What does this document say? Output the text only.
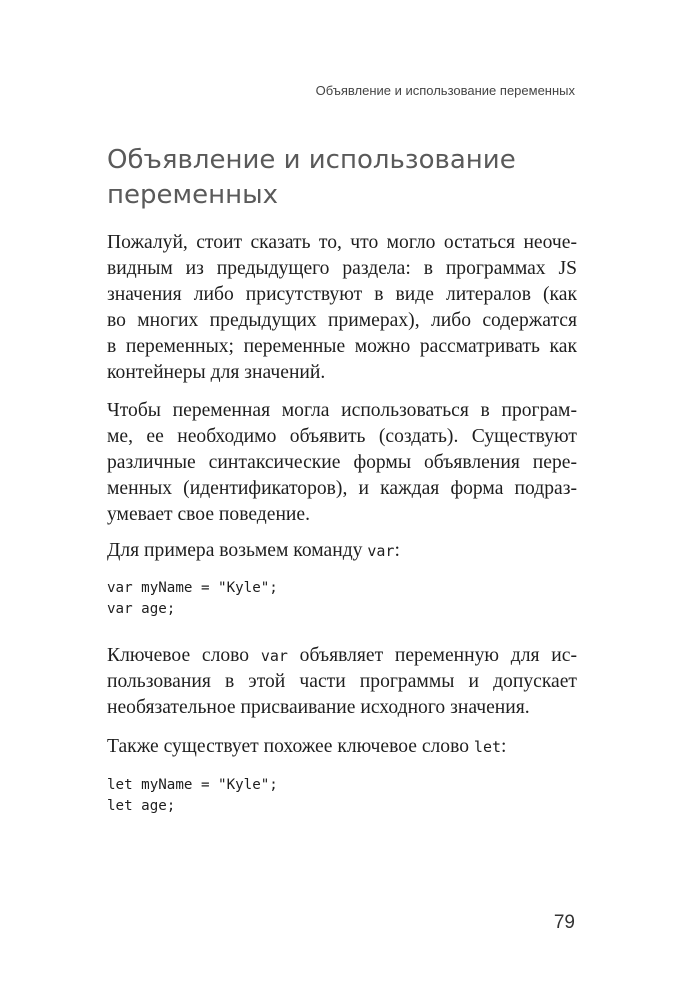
Объявление и использование переменных
Объявление и использование
переменных

Пожалуй, стоит сказать то, что могло остаться неоче-
видным из предыдущего раздела: в программах JS
значения либо присутствуют в виде литералов (как
во многих предыдущих примерах), либо содержатся
в переменных; переменные можно рассматривать как
контейнеры для значений.

Чтобы переменная могла использоваться в програм-
ме, ее необходимо объявить (создать). Существуют
различные синтаксические формы объявления пере-
менных (идентификаторов), и каждая форма подраз-
умевает свое поведение.

Для примера возьмем команду var:

var myName = "Kyle";
var age;

Ключевое слово var объявляет переменную для ис-
пользования в этой части программы и допускает
необязательное присваивание исходного значения.

Также существует похожее ключевое слово let:

let myName = "Kyle";
let age;
79
